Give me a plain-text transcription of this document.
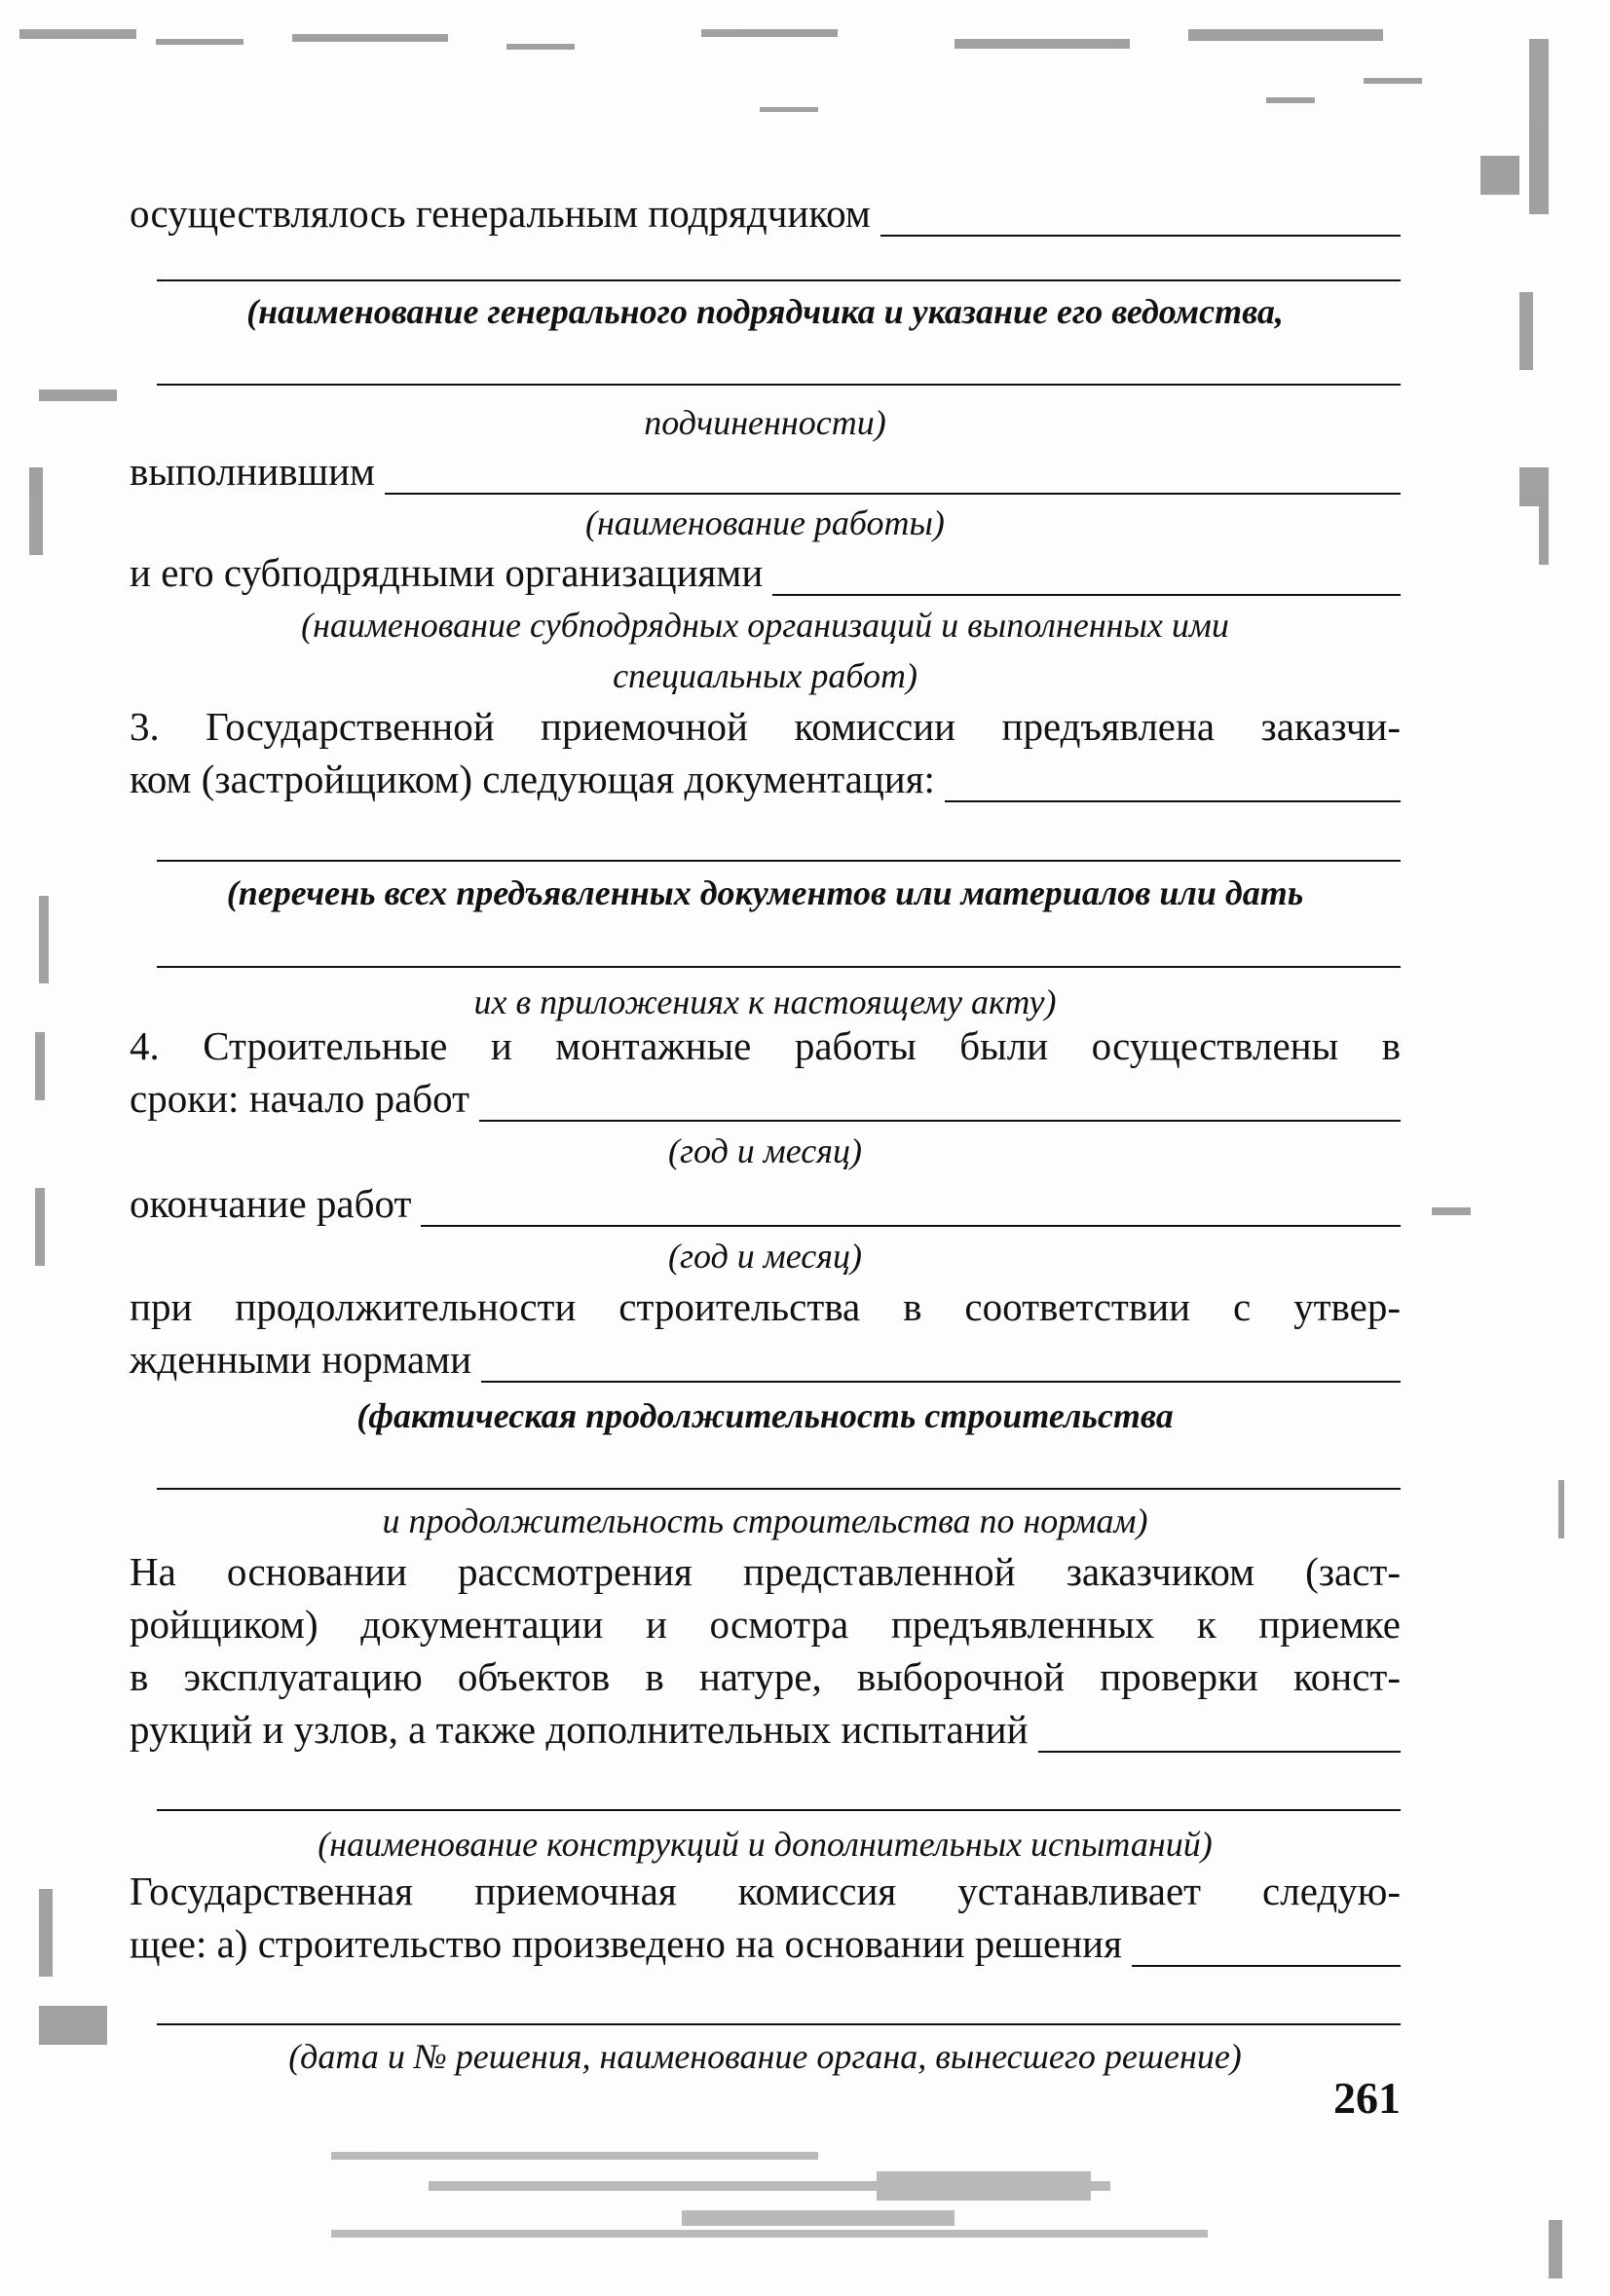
осуществлялось генеральным подрядчиком

(наименование генерального подрядчика и указание его ведомства,

подчиненности)

выполнившим

(наименование работы)

и его субподрядными организациями

(наименование субподрядных организаций и выполненных ими

специальных работ)

3. Государственной приемочной комиссии предъявлена заказчи-

ком (застройщиком) следующая документация:

(перечень всех предъявленных документов или материалов или дать

их в приложениях к настоящему акту)

4. Строительные и монтажные работы были осуществлены в

сроки: начало работ

(год и месяц)

окончание работ

(год и месяц)

при продолжительности строительства в соответствии с утвер-

жденными нормами

(фактическая продолжительность строительства

и продолжительность строительства по нормам)

На основании рассмотрения представленной заказчиком (заст-

ройщиком) документации и осмотра предъявленных к приемке

в эксплуатацию объектов в натуре, выборочной проверки конст-

рукций и узлов, а также дополнительных испытаний

(наименование конструкций и дополнительных испытаний)

Государственная приемочная комиссия устанавливает следую-

щее: а) строительство произведено на основании решения

(дата и № решения, наименование органа, вынесшего решение)

261
